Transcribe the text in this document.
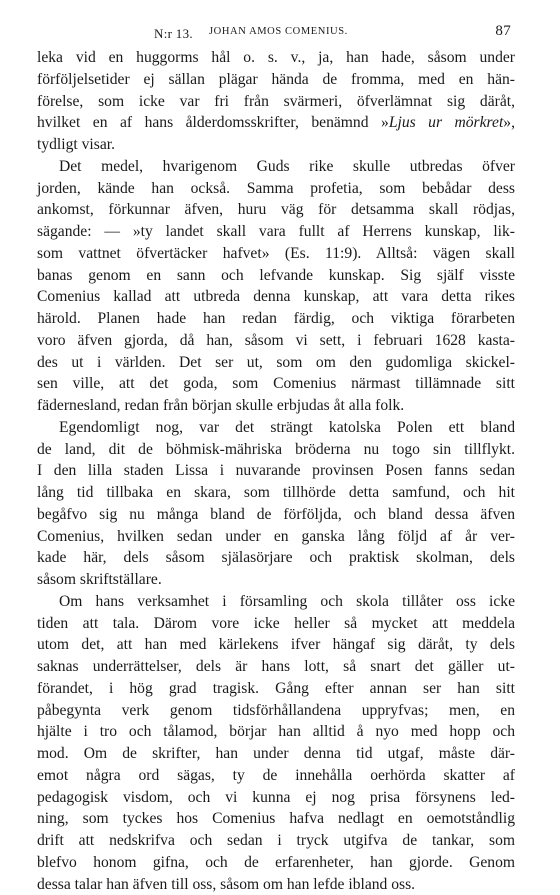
N:r 13. JOHAN AMOS COMENIUS.	87
leka vid en huggorms hål o. s. v., ja, han hade, såsom under
förföljelsetider ej sällan plägar hända de fromma, med en hän-
förelse, som icke var fri från svärmeri, öfverlämnat sig däråt,
hvilket en af hans ålderdomsskrifter, benämnd »Ljus ur mörkret»,
tydligt visar.
Det medel, hvarigenom Guds rike skulle utbredas öfver
jorden, kände han också. Samma profetia, som bebådar dess
ankomst, förkunnar äfven, huru väg för detsamma skall rödjas,
sägande: — »ty landet skall vara fullt af Herrens kunskap, lik-
som vattnet öfvertäcker hafvet» (Es. 11:9). Alltså: vägen skall
banas genom en sann och lefvande kunskap. Sig själf visste
Comenius kallad att utbreda denna kunskap, att vara detta rikes
härold. Planen hade han redan färdig, och viktiga förarbeten
voro äfven gjorda, då han, såsom vi sett, i februari 1628 kasta-
des ut i världen. Det ser ut, som om den gudomliga skickel-
sen ville, att det goda, som Comenius närmast tillämnade sitt
fädernesland, redan från början skulle erbjudas åt alla folk.
Egendomligt nog, var det strängt katolska Polen ett bland
de land, dit de böhmisk-mähriska bröderna nu togo sin tillflykt.
I den lilla staden Lissa i nuvarande provinsen Posen fanns sedan
lång tid tillbaka en skara, som tillhörde detta samfund, och hit
begåfvo sig nu många bland de förföljda, och bland dessa äfven
Comenius, hvilken sedan under en ganska lång följd af år ver-
kade här, dels såsom själasörjare och praktisk skolman, dels
såsom skriftställare.
Om hans verksamhet i församling och skola tillåter oss icke
tiden att tala. Därom vore icke heller så mycket att meddela
utom det, att han med kärlekens ifver hängaf sig däråt, ty dels
saknas underrättelser, dels är hans lott, så snart det gäller ut-
förandet, i hög grad tragisk. Gång efter annan ser han sitt
påbegynta verk genom tidsförhållandena uppryfvas; men, en
hjälte i tro och tålamod, börjar han alltid å nyo med hopp och
mod. Om de skrifter, han under denna tid utgaf, måste där-
emot några ord sägas, ty de innehålla oerhörda skatter af
pedagogisk visdom, och vi kunna ej nog prisa försynens led-
ning, som tyckes hos Comenius hafva nedlagt en oemotståndlig
drift att nedskrifva och sedan i tryck utgifva de tankar, som
blefvo honom gifna, och de erfarenheter, han gjorde. Genom
dessa talar han äfven till oss, såsom om han lefde ibland oss.
